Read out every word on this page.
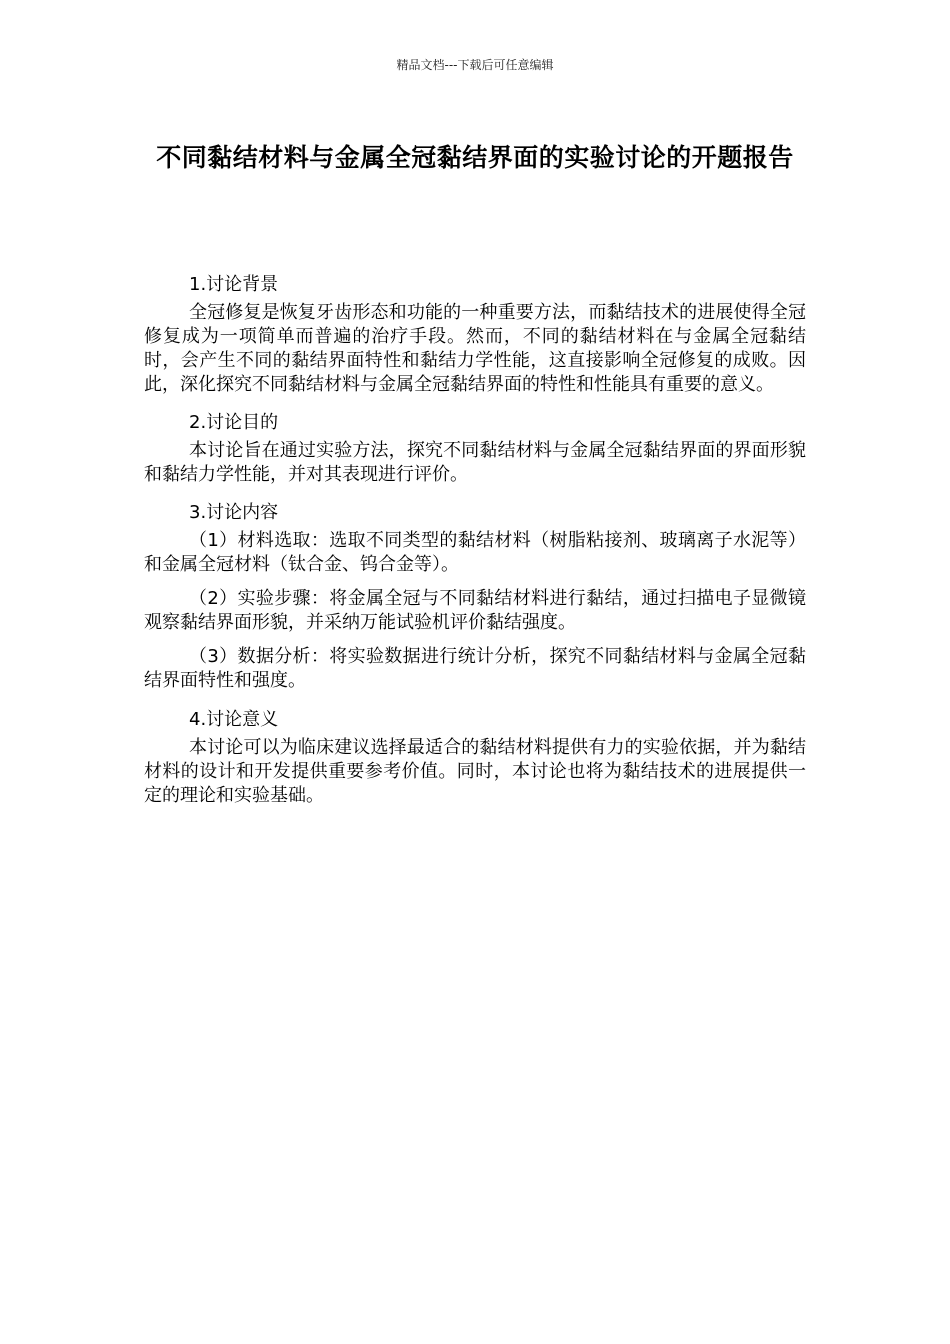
精品文档---下载后可任意编辑
不同黏结材料与金属全冠黏结界面的实验讨论的开题报告

1.讨论背景

全冠修复是恢复牙齿形态和功能的一种重要方法，而黏结技术的进展使得全冠修复成为一项简单而普遍的治疗手段。然而，不同的黏结材料在与金属全冠黏结时，会产生不同的黏结界面特性和黏结力学性能，这直接影响全冠修复的成败。因此，深化探究不同黏结材料与金属全冠黏结界面的特性和性能具有重要的意义。

2.讨论目的

本讨论旨在通过实验方法，探究不同黏结材料与金属全冠黏结界面的界面形貌和黏结力学性能，并对其表现进行评价。

3.讨论内容

（1）材料选取：选取不同类型的黏结材料（树脂粘接剂、玻璃离子水泥等）和金属全冠材料（钛合金、钨合金等）。

（2）实验步骤：将金属全冠与不同黏结材料进行黏结，通过扫描电子显微镜观察黏结界面形貌，并采纳万能试验机评价黏结强度。

（3）数据分析：将实验数据进行统计分析，探究不同黏结材料与金属全冠黏结界面特性和强度。

4.讨论意义

本讨论可以为临床建议选择最适合的黏结材料提供有力的实验依据，并为黏结材料的设计和开发提供重要参考价值。同时，本讨论也将为黏结技术的进展提供一定的理论和实验基础。
